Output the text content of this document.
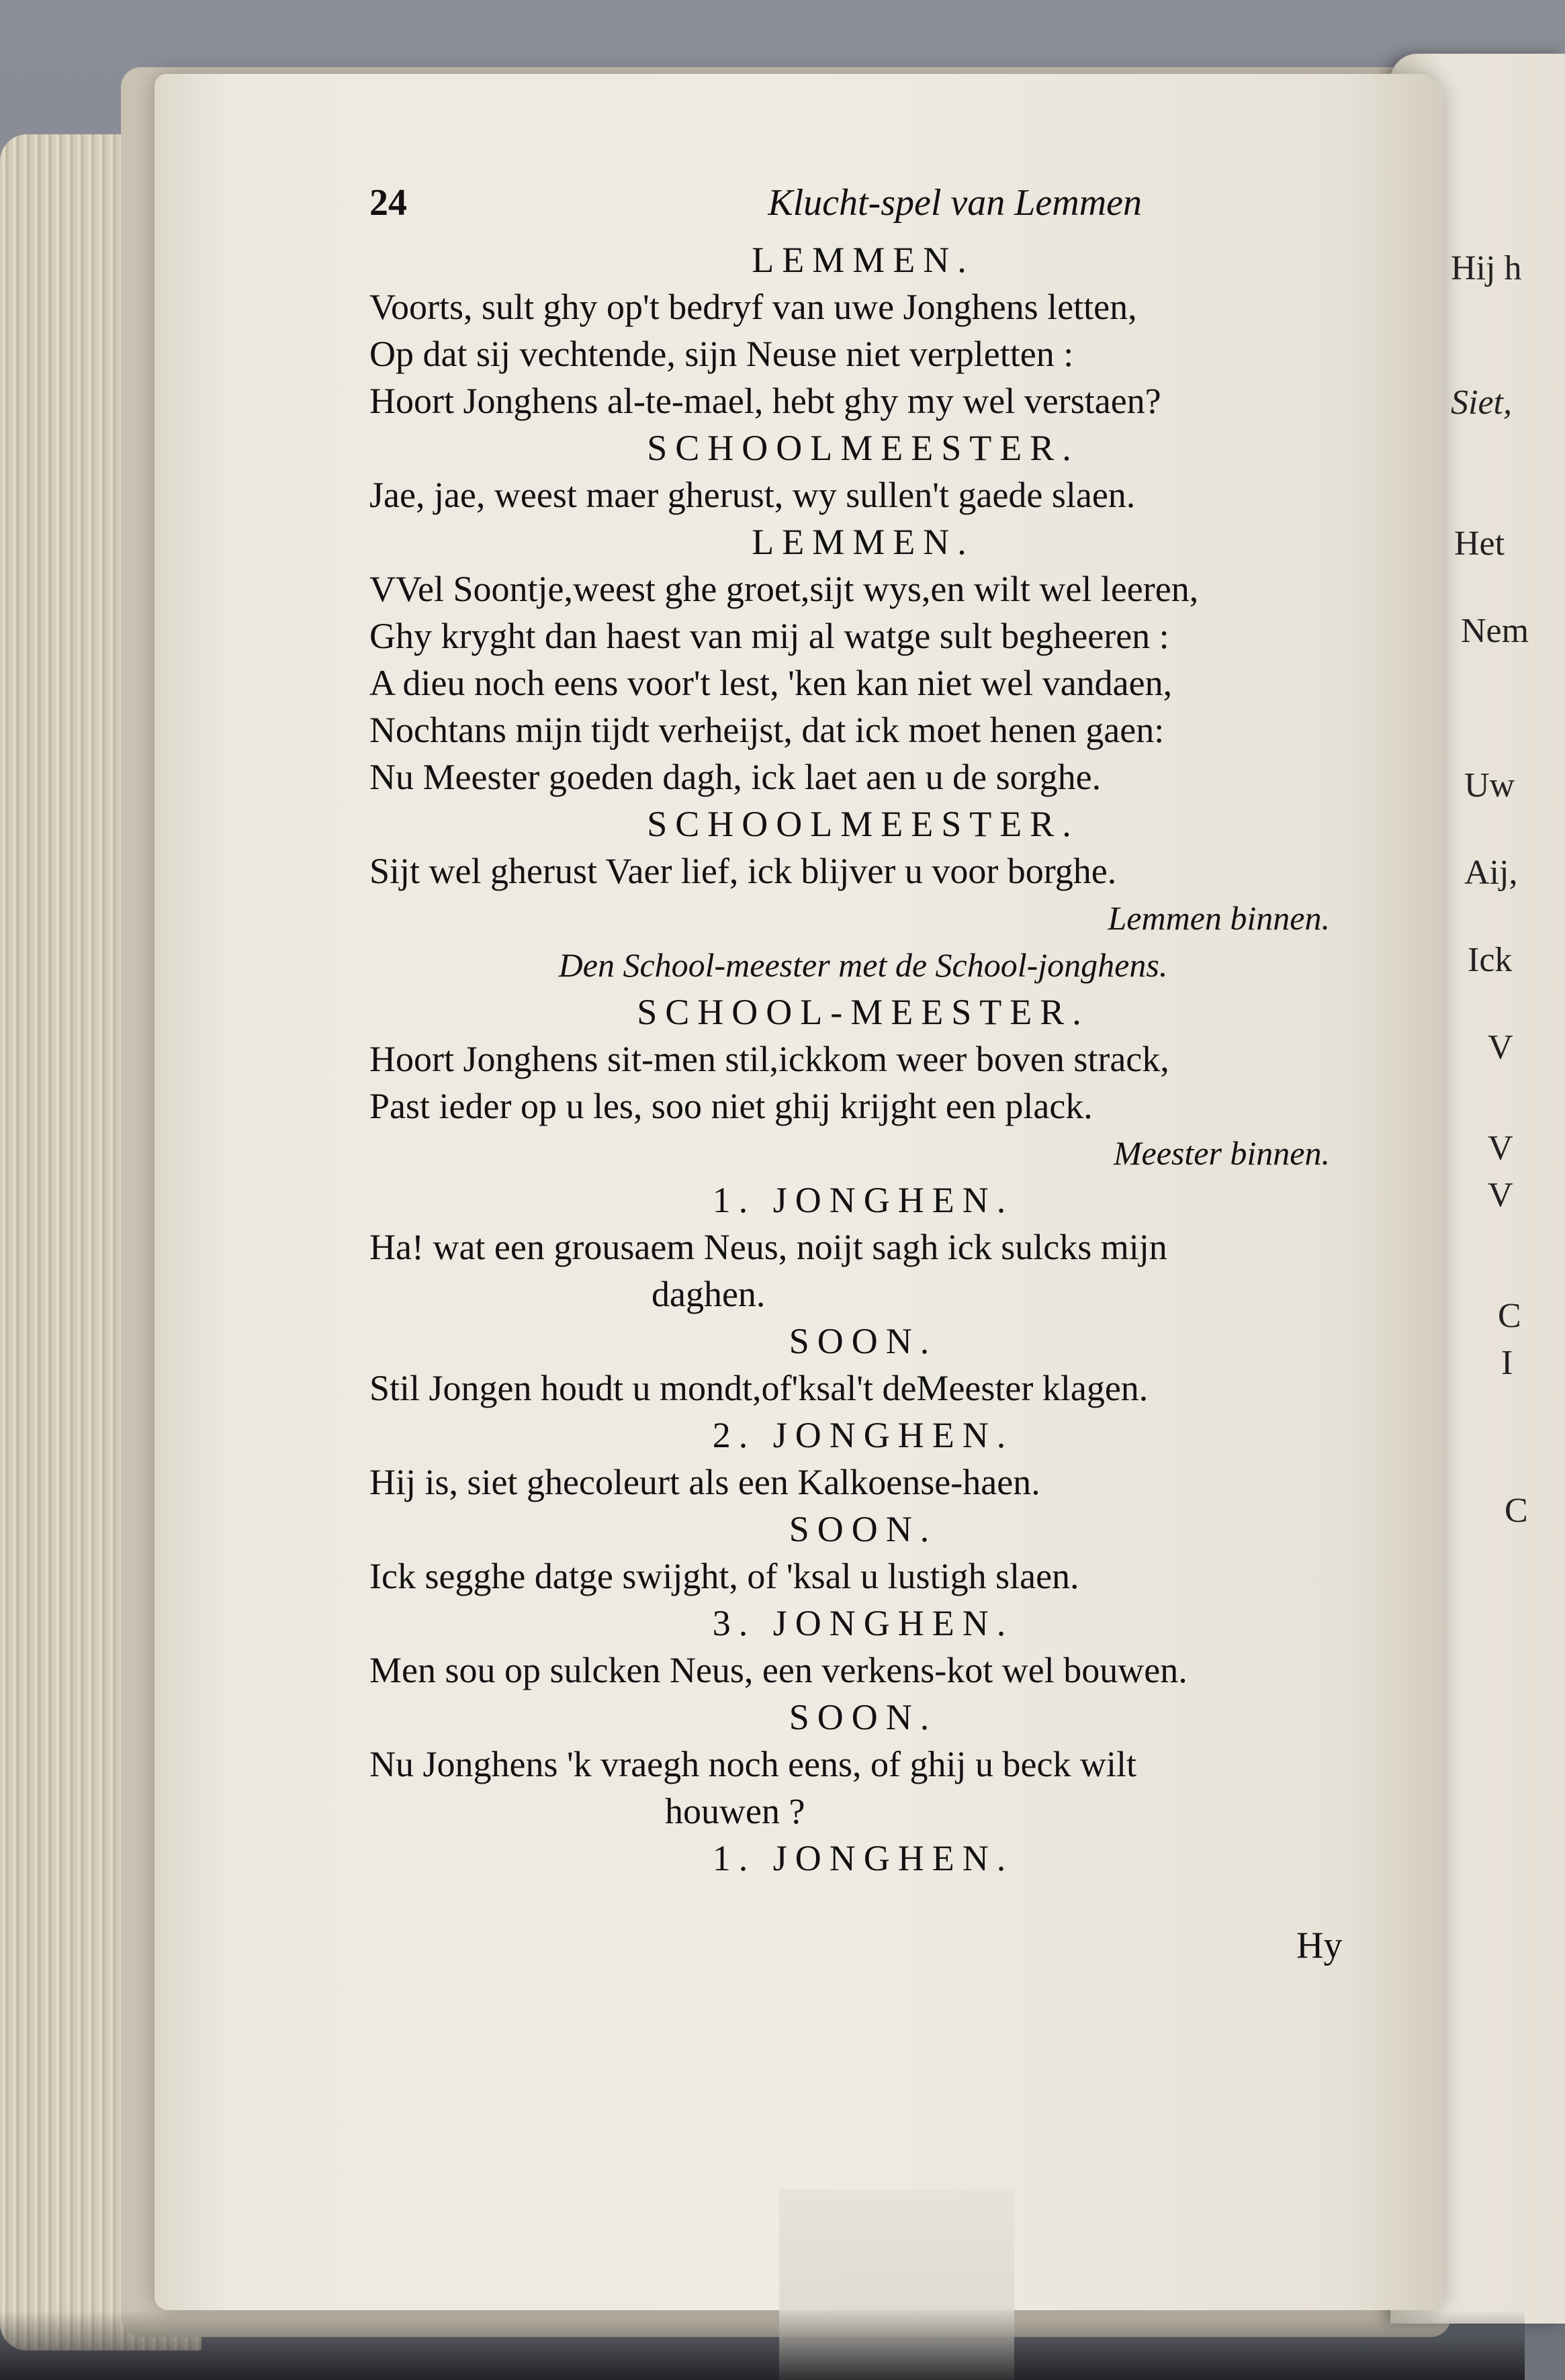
Hij h
Siet,
Het
Nem
Uw
Aij,
Ick
V
V
V
C
I
C
24	Klucht-spel van Lemmen
LEMMEN.
Voorts, sult ghy op't bedryf van uwe Jonghens letten,
Op dat sij vechtende, sijn Neuse niet verpletten :
Hoort Jonghens al-te-mael, hebt ghy my wel verstaen?
SCHOOLMEESTER.
Jae, jae, weest maer gherust, wy sullen't gaede slaen.
LEMMEN.
VVel Soontje,weest ghe groet,sijt wys,en wilt wel leeren,
Ghy kryght dan haest van mij al watge sult begheeren :
A dieu noch eens voor't lest, 'ken kan niet wel vandaen,
Nochtans mijn tijdt verheijst, dat ick moet henen gaen:
Nu Meester goeden dagh, ick laet aen u de sorghe.
SCHOOLMEESTER.
Sijt wel gherust Vaer lief, ick blijver u voor borghe.
Lemmen binnen.
Den School-meester met de School-jonghens.
SCHOOL-MEESTER.
Hoort Jonghens sit-men stil,ickkom weer boven strack,
Past ieder op u les, soo niet ghij krijght een plack.
Meester binnen.
1. JONGHEN.
Ha! wat een grousaem Neus, noijt sagh ick sulcks mijn
daghen.
SOON.
Stil Jongen houdt u mondt,of'ksal't deMeester klagen.
2. JONGHEN.
Hij is, siet ghecoleurt als een Kalkoense-haen.
SOON.
Ick segghe datge swijght, of 'ksal u lustigh slaen.
3. JONGHEN.
Men sou op sulcken Neus, een verkens-kot wel bouwen.
SOON.
Nu Jonghens 'k vraegh noch eens, of ghij u beck wilt
houwen ?
1. JONGHEN.
Hy
